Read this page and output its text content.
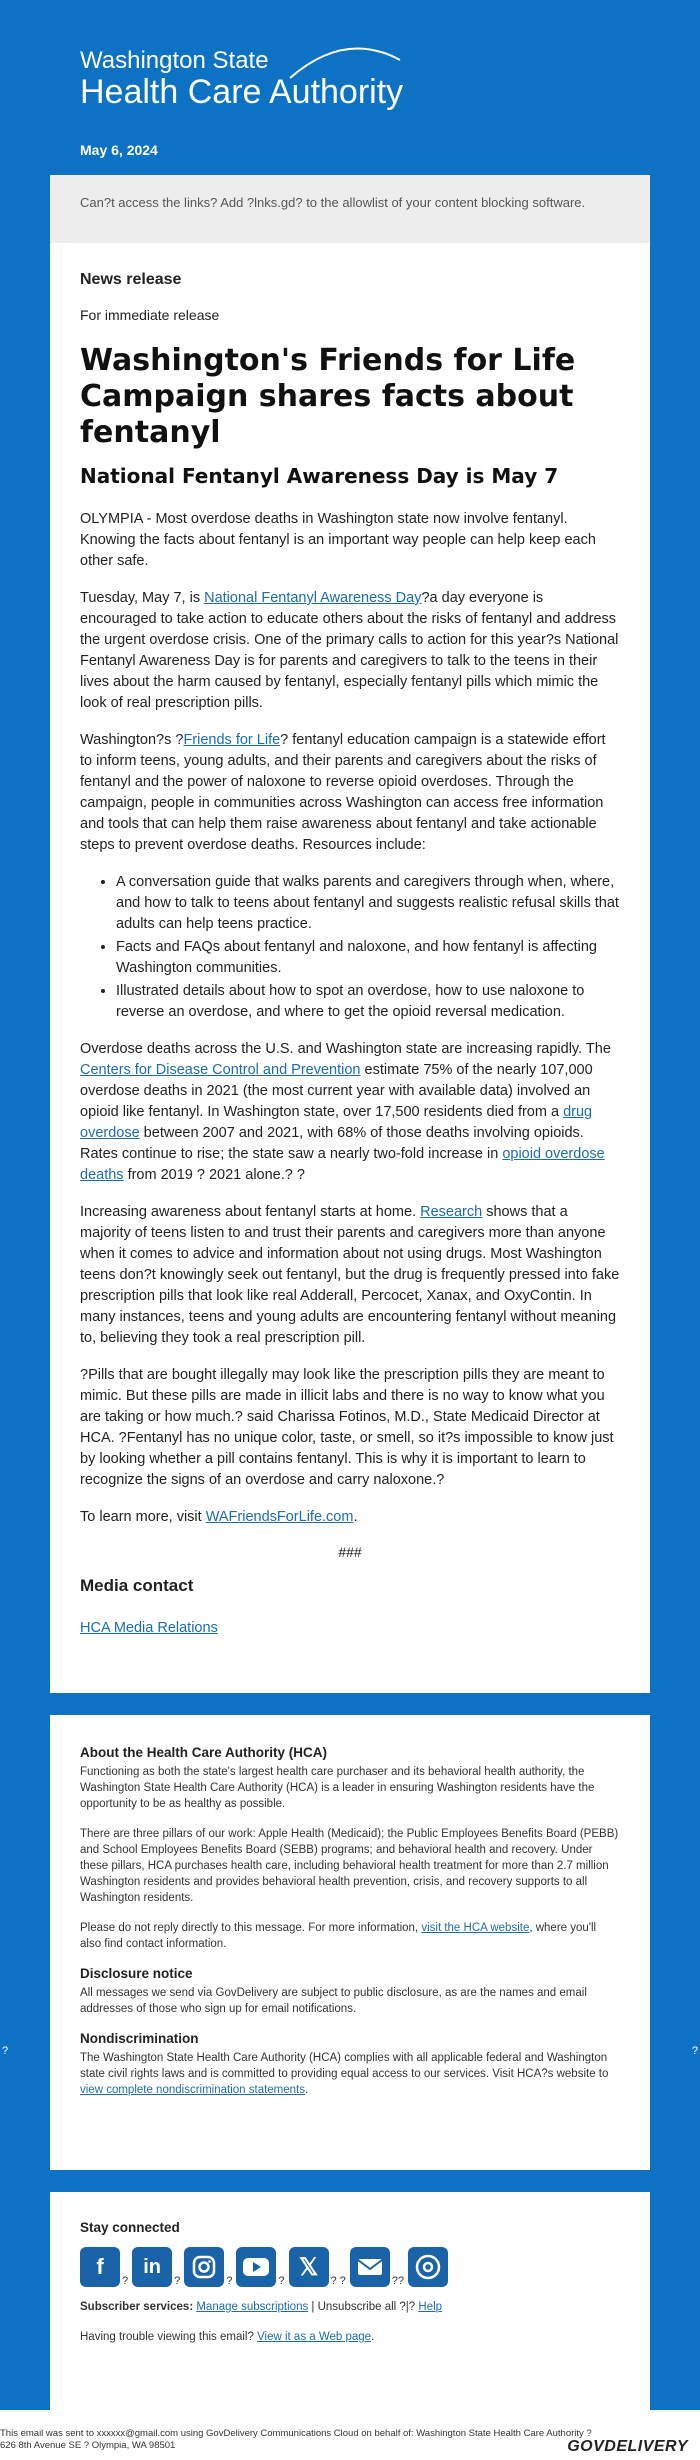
Washington State
Health Care Authority
May 6, 2024

Can?t access the links? Add ?lnks.gd? to the allowlist of your content blocking software.

News release

For immediate release

Washington's Friends for Life Campaign shares facts about fentanyl
National Fentanyl Awareness Day is May 7

OLYMPIA - Most overdose deaths in Washington state now involve fentanyl. Knowing the facts about fentanyl is an important way people can help keep each other safe.

Tuesday, May 7, is National Fentanyl Awareness Day?a day everyone is encouraged to take action to educate others about the risks of fentanyl and address the urgent overdose crisis. One of the primary calls to action for this year?s National Fentanyl Awareness Day is for parents and caregivers to talk to the teens in their lives about the harm caused by fentanyl, especially fentanyl pills which mimic the look of real prescription pills.

Washington?s ?Friends for Life? fentanyl education campaign is a statewide effort to inform teens, young adults, and their parents and caregivers about the risks of fentanyl and the power of naloxone to reverse opioid overdoses. Through the campaign, people in communities across Washington can access free information and tools that can help them raise awareness about fentanyl and take actionable steps to prevent overdose deaths. Resources include:

• A conversation guide that walks parents and caregivers through when, where, and how to talk to teens about fentanyl and suggests realistic refusal skills that adults can help teens practice.
• Facts and FAQs about fentanyl and naloxone, and how fentanyl is affecting Washington communities.
• Illustrated details about how to spot an overdose, how to use naloxone to reverse an overdose, and where to get the opioid reversal medication.

Overdose deaths across the U.S. and Washington state are increasing rapidly. The Centers for Disease Control and Prevention estimate 75% of the nearly 107,000 overdose deaths in 2021 (the most current year with available data) involved an opioid like fentanyl. In Washington state, over 17,500 residents died from a drug overdose between 2007 and 2021, with 68% of those deaths involving opioids. Rates continue to rise; the state saw a nearly two-fold increase in opioid overdose deaths from 2019 ? 2021 alone.? ?

Increasing awareness about fentanyl starts at home. Research shows that a majority of teens listen to and trust their parents and caregivers more than anyone when it comes to advice and information about not using drugs. Most Washington teens don?t knowingly seek out fentanyl, but the drug is frequently pressed into fake prescription pills that look like real Adderall, Percocet, Xanax, and OxyContin. In many instances, teens and young adults are encountering fentanyl without meaning to, believing they took a real prescription pill.

?Pills that are bought illegally may look like the prescription pills they are meant to mimic. But these pills are made in illicit labs and there is no way to know what you are taking or how much.? said Charissa Fotinos, M.D., State Medicaid Director at HCA. ?Fentanyl has no unique color, taste, or smell, so it?s impossible to know just by looking whether a pill contains fentanyl. This is why it is important to learn to recognize the signs of an overdose and carry naloxone.?

To learn more, visit WAFriendsForLife.com.

###

Media contact

HCA Media Relations

?	?

About the Health Care Authority (HCA)

Functioning as both the state's largest health care purchaser and its behavioral health authority, the Washington State Health Care Authority (HCA) is a leader in ensuring Washington residents have the opportunity to be as healthy as possible.

There are three pillars of our work: Apple Health (Medicaid); the Public Employees Benefits Board (PEBB) and School Employees Benefits Board (SEBB) programs; and behavioral health and recovery. Under these pillars, HCA purchases health care, including behavioral health treatment for more than 2.7 million Washington residents and provides behavioral health prevention, crisis, and recovery supports to all Washington residents.

Please do not reply directly to this message. For more information, visit the HCA website, where you'll also find contact information.

Disclosure notice

All messages we send via GovDelivery are subject to public disclosure, as are the names and email addresses of those who sign up for email notifications.

Nondiscrimination

The Washington State Health Care Authority (HCA) complies with all applicable federal and Washington state civil rights laws and is committed to providing equal access to our services. Visit HCA?s website to view complete nondiscrimination statements.

Stay connected

f
?
in
?	?	?
𝕏
? ?	??

Subscriber services: Manage subscriptions | Unsubscribe all ?|? Help

Having trouble viewing this email? View it as a Web page.

This email was sent to xxxxxx@gmail.com using GovDelivery Communications Cloud on behalf of: Washington State Health Care Authority ? 626 8th Avenue SE ? Olympia, WA 98501	GOVDELIVERY
